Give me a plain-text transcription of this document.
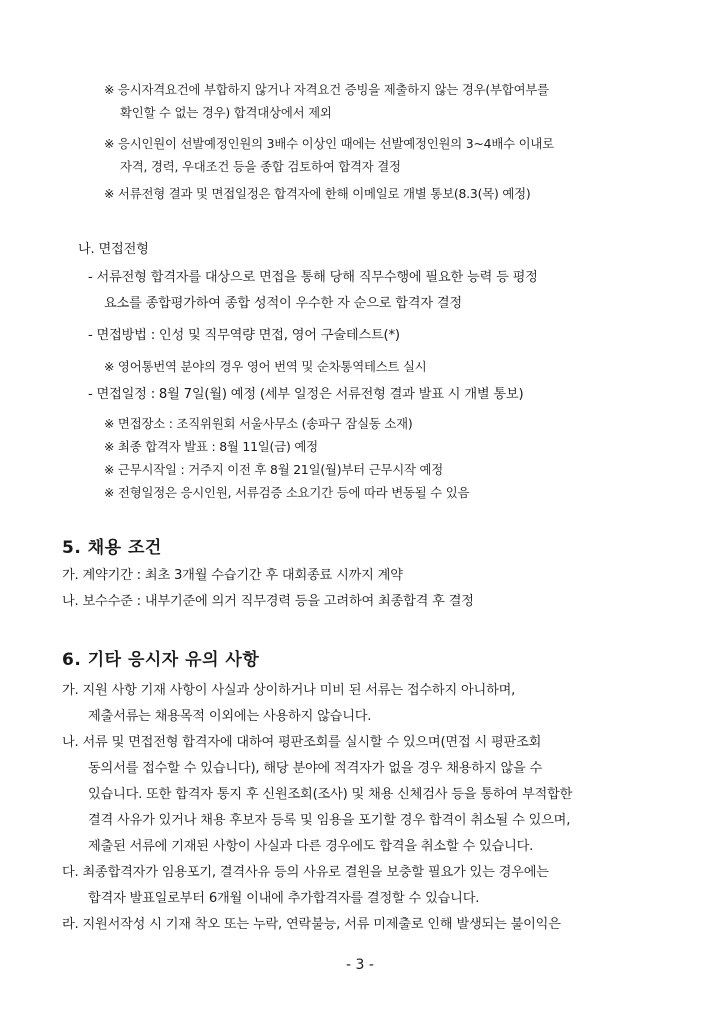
※ 응시자격요건에 부합하지 않거나 자격요건 증빙을 제출하지 않는 경우(부합여부를
확인할 수 없는 경우) 합격대상에서 제외
※ 응시인원이 선발예정인원의 3배수 이상인 때에는 선발예정인원의 3~4배수 이내로
자격, 경력, 우대조건 등을 종합 검토하여 합격자 결정
※ 서류전형 결과 및 면접일정은 합격자에 한해 이메일로 개별 통보(8.3(목) 예정)
나. 면접전형
- 서류전형 합격자를 대상으로 면접을 통해 당해 직무수행에 필요한 능력 등 평정
요소를 종합평가하여 종합 성적이 우수한 자 순으로 합격자 결정
- 면접방법 : 인성 및 직무역량 면접, 영어 구술테스트(*)
※ 영어통번역 분야의 경우 영어 번역 및 순차통역테스트 실시
- 면접일정 : 8월 7일(월) 예정 (세부 일정은 서류전형 결과 발표 시 개별 통보)
※ 면접장소 : 조직위원회 서울사무소 (송파구 잠실동 소재)
※ 최종 합격자 발표 : 8월 11일(금) 예정
※ 근무시작일 : 거주지 이전 후 8월 21일(월)부터 근무시작 예정
※ 전형일정은 응시인원, 서류검증 소요기간 등에 따라 변동될 수 있음
5. 채용 조건
가. 계약기간 : 최초 3개월 수습기간 후 대회종료 시까지 계약
나. 보수수준 : 내부기준에 의거 직무경력 등을 고려하여 최종합격 후 결정
6. 기타 응시자 유의 사항
가. 지원 사항 기재 사항이 사실과 상이하거나 미비 된 서류는 접수하지 아니하며,
제출서류는 채용목적 이외에는 사용하지 않습니다.
나. 서류 및 면접전형 합격자에 대하여 평판조회를 실시할 수 있으며(면접 시 평판조회
동의서를 접수할 수 있습니다), 해당 분야에 적격자가 없을 경우 채용하지 않을 수
있습니다. 또한 합격자 통지 후 신원조회(조사) 및 채용 신체검사 등을 통하여 부적합한
결격 사유가 있거나 채용 후보자 등록 및 임용을 포기할 경우 합격이 취소될 수 있으며,
제출된 서류에 기재된 사항이 사실과 다른 경우에도 합격을 취소할 수 있습니다.
다. 최종합격자가 임용포기, 결격사유 등의 사유로 결원을 보충할 필요가 있는 경우에는
합격자 발표일로부터 6개월 이내에 추가합격자를 결정할 수 있습니다.
라. 지원서작성 시 기재 착오 또는 누락, 연락불능, 서류 미제출로 인해 발생되는 불이익은
- 3 -
